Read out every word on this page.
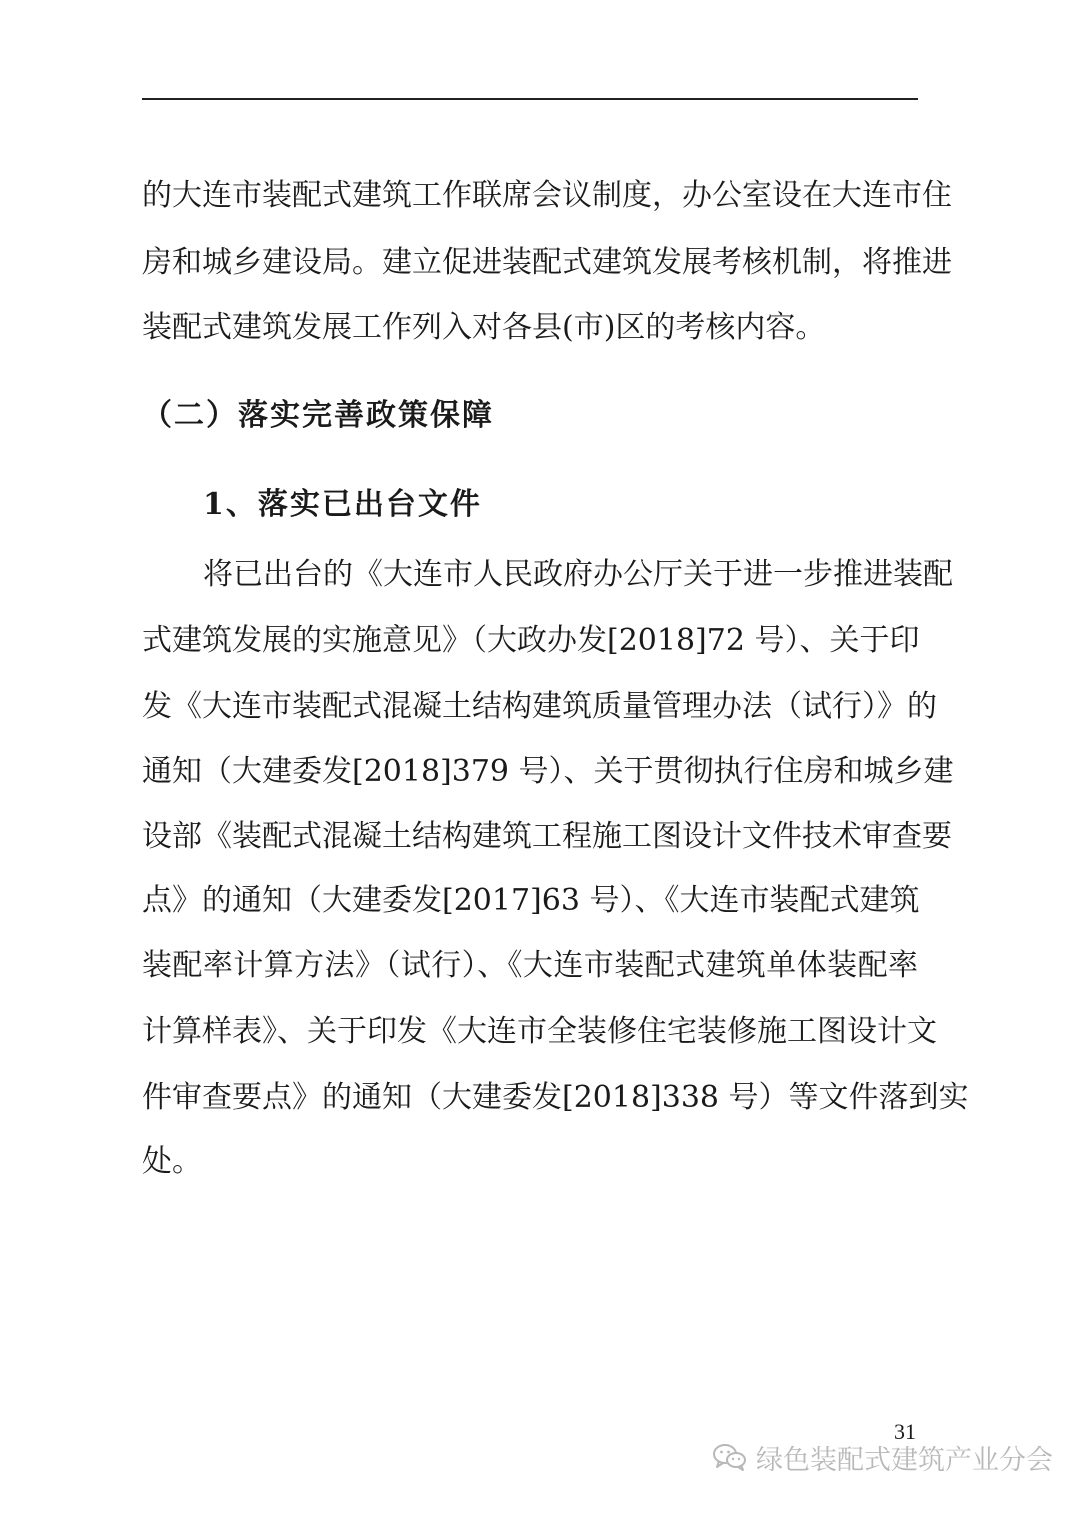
的大连市装配式建筑工作联席会议制度，办公室设在大连市住
房和城乡建设局。建立促进装配式建筑发展考核机制，将推进
装配式建筑发展工作列入对各县(市)区的考核内容。
（二）落实完善政策保障
1、落实已出台文件
将已出台的《大连市人民政府办公厅关于进一步推进装配
式建筑发展的实施意见》（大政办发[2018]72 号）、关于印
发《大连市装配式混凝土结构建筑质量管理办法（试行）》的
通知（大建委发[2018]379 号）、关于贯彻执行住房和城乡建
设部《装配式混凝土结构建筑工程施工图设计文件技术审查要
点》的通知（大建委发[2017]63 号）、《大连市装配式建筑
装配率计算方法》（试行）、《大连市装配式建筑单体装配率
计算样表》、关于印发《大连市全装修住宅装修施工图设计文
件审查要点》的通知（大建委发[2018]338 号）等文件落到实
处。
31
绿色装配式建筑产业分会
